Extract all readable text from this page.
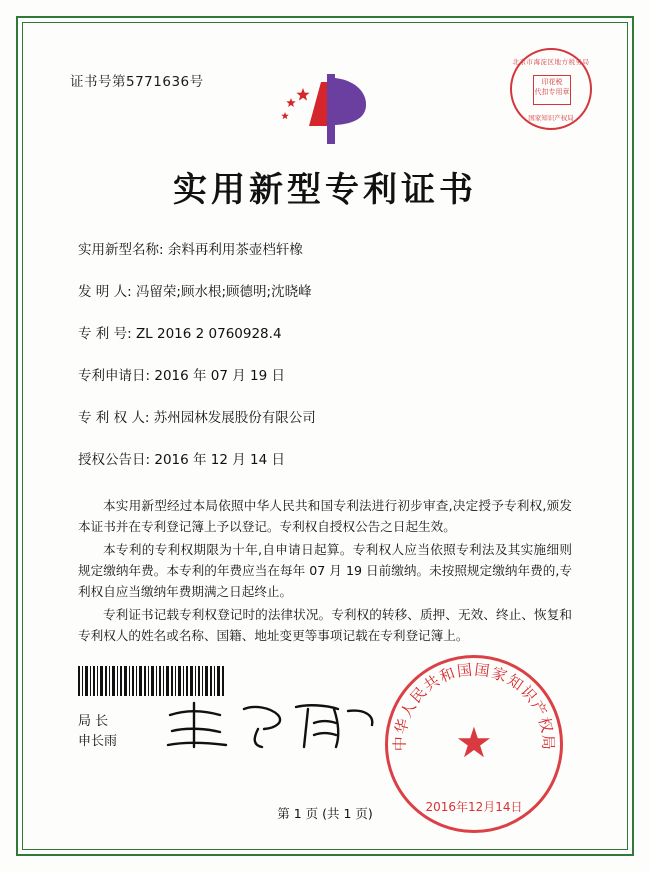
证书号第5771636号
北京市海淀区地方税务局
印花税
代扣专用章
国家知识产权局
实用新型专利证书
实用新型名称: 余料再利用茶壶档轩橡
发 明 人: 冯留荣;顾水根;顾德明;沈晓峰
专 利 号: ZL 2016 2 0760928.4
专利申请日: 2016 年 07 月 19 日
专 利 权 人: 苏州园林发展股份有限公司
授权公告日: 2016 年 12 月 14 日

本实用新型经过本局依照中华人民共和国专利法进行初步审查,决定授予专利权,颁发本证书并在专利登记簿上予以登记。专利权自授权公告之日起生效。

本专利的专利权期限为十年,自申请日起算。专利权人应当依照专利法及其实施细则规定缴纳年费。本专利的年费应当在每年 07 月 19 日前缴纳。未按照规定缴纳年费的,专利权自应当缴纳年费期满之日起终止。

专利证书记载专利权登记时的法律状况。专利权的转移、质押、无效、终止、恢复和专利权人的姓名或名称、国籍、地址变更等事项记载在专利登记簿上。

局 长
申长雨	中华人民共和国国家知识产权局
★
2016年12月14日
第 1 页 (共 1 页)
